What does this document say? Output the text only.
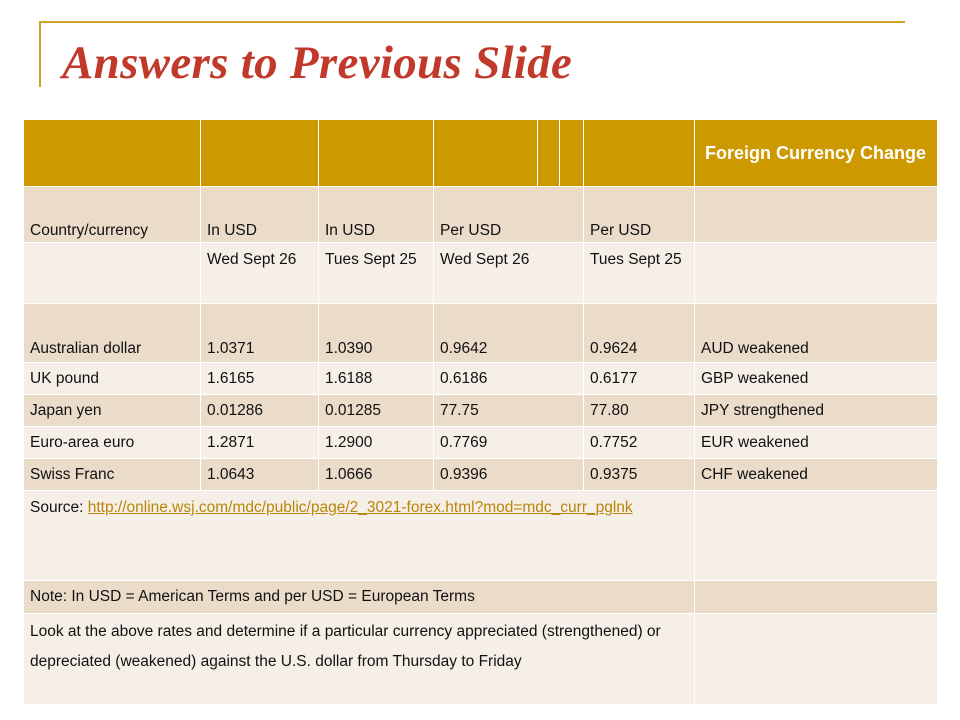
Answers to Previous Slide
							Foreign Currency Change
Country/currency	In USD	In USD	Per USD			Per USD	
	Wed Sept 26	Tues Sept 25	Wed Sept 26			Tues Sept 25	
Australian dollar	1.0371	1.0390	0.9642			0.9624	AUD weakened
UK pound	1.6165	1.6188	0.6186			0.6177	GBP weakened
Japan yen	0.01286	0.01285	77.75			77.80	JPY strengthened
Euro-area euro	1.2871	1.2900	0.7769			0.7752	EUR weakened
Swiss Franc	1.0643	1.0666	0.9396			0.9375	CHF weakened
Source: http://online.wsj.com/mdc/public/page/2_3021-forex.html?mod=mdc_curr_pglnk							
Note: In USD = American Terms and per USD = European Terms							
Look at the above rates and determine if a particular currency appreciated (strengthened) or depreciated (weakened) against the U.S. dollar from Thursday to Friday							
